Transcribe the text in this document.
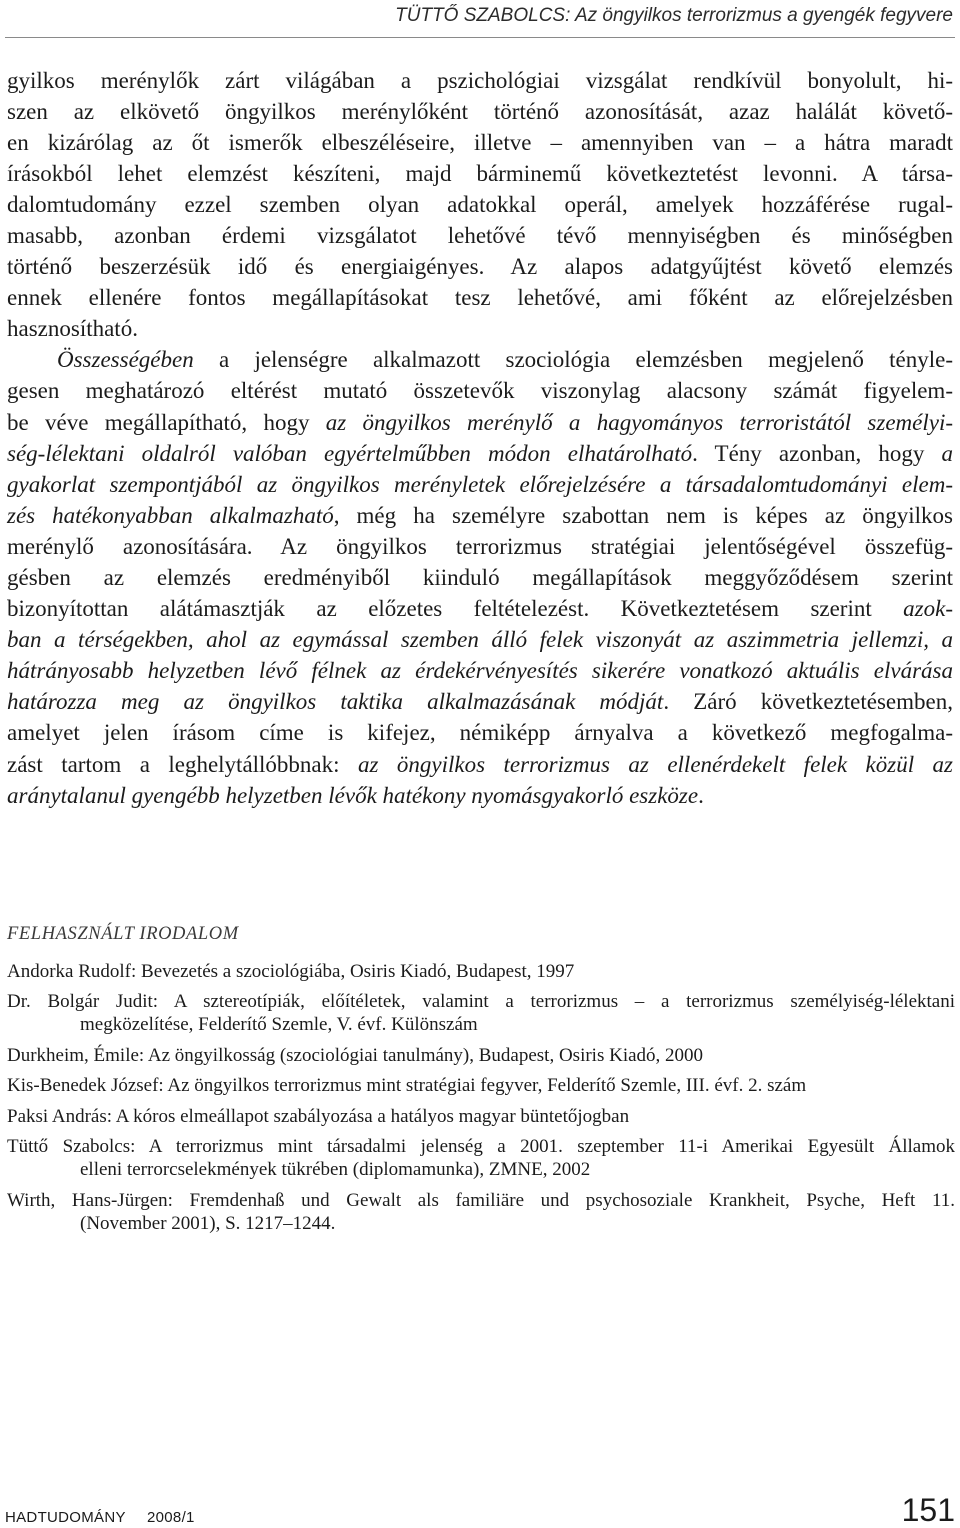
TÜTTŐ SZABOLCS: Az öngyilkos terrorizmus a gyengék fegyvere
gyilkos merénylők zárt világában a pszichológiai vizsgálat rendkívül bonyolult, hi-
szen az elkövető öngyilkos merénylőként történő azonosítását, azaz halálát követő-
en kizárólag az őt ismerők elbeszéléseire, illetve – amennyiben van – a hátra maradt
írásokból lehet elemzést készíteni, majd bárminemű következtetést levonni. A társa-
dalomtudomány ezzel szemben olyan adatokkal operál, amelyek hozzáférése rugal-
masabb, azonban érdemi vizsgálatot lehetővé tévő mennyiségben és minőségben
történő beszerzésük idő és energiaigényes. Az alapos adatgyűjtést követő elemzés
ennek ellenére fontos megállapításokat tesz lehetővé, ami főként az előrejelzésben
hasznosítható.
Összességében a jelenségre alkalmazott szociológia elemzésben megjelenő tényle-
gesen meghatározó eltérést mutató összetevők viszonylag alacsony számát figyelem-
be véve megállapítható, hogy az öngyilkos merénylő a hagyományos terroristától személyi-
ség-lélektani oldalról valóban egyértelműbben módon elhatárolható. Tény azonban, hogy a
gyakorlat szempontjából az öngyilkos merényletek előrejelzésére a társadalomtudományi elem-
zés hatékonyabban alkalmazható, még ha személyre szabottan nem is képes az öngyilkos
merénylő azonosítására. Az öngyilkos terrorizmus stratégiai jelentőségével összefüg-
gésben az elemzés eredményiből kiinduló megállapítások meggyőződésem szerint
bizonyítottan alátámasztják az előzetes feltételezést. Következtetésem szerint azok-
ban a térségekben, ahol az egymással szemben álló felek viszonyát az aszimmetria jellemzi, a
hátrányosabb helyzetben lévő félnek az érdekérvényesítés sikerére vonatkozó aktuális elvárása
határozza meg az öngyilkos taktika alkalmazásának módját. Záró következtetésemben,
amelyet jelen írásom címe is kifejez, némiképp árnyalva a következő megfogalma-
zást tartom a leghelytállóbbnak: az öngyilkos terrorizmus az ellenérdekelt felek közül az
aránytalanul gyengébb helyzetben lévők hatékony nyomásgyakorló eszköze.
FELHASZNÁLT IRODALOM
Andorka Rudolf: Bevezetés a szociológiába, Osiris Kiadó, Budapest, 1997
Dr. Bolgár Judit: A sztereotípiák, előítéletek, valamint a terrorizmus – a terrorizmus személyiség-lélektani
megközelítése, Felderítő Szemle, V. évf. Különszám
Durkheim, Émile: Az öngyilkosság (szociológiai tanulmány), Budapest, Osiris Kiadó, 2000
Kis-Benedek József: Az öngyilkos terrorizmus mint stratégiai fegyver, Felderítő Szemle, III. évf. 2. szám
Paksi András: A kóros elmeállapot szabályozása a hatályos magyar büntetőjogban
Tüttő Szabolcs: A terrorizmus mint társadalmi jelenség a 2001. szeptember 11-i Amerikai Egyesült Államok
elleni terrorcselekmények tükrében (diplomamunka), ZMNE, 2002
Wirth, Hans-Jürgen: Fremdenhaß und Gewalt als familiäre und psychosoziale Krankheit, Psyche, Heft 11.
(November 2001), S. 1217–1244.
HADTUDOMÁNY 2008/1	151
